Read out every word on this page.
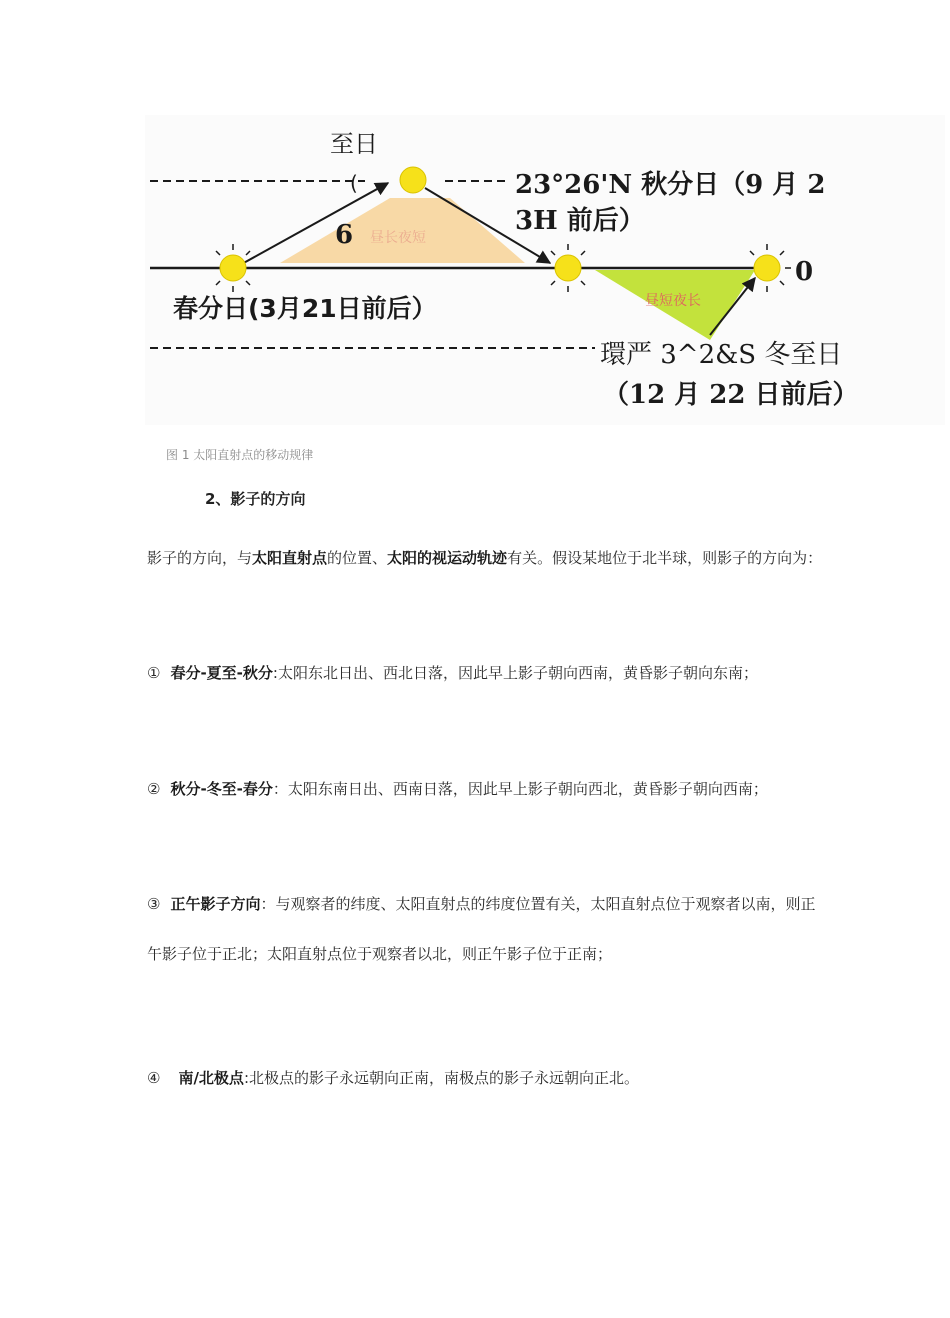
昼长夜短
昼短夜长
至日
(	23°26'N 秋分日（9 月 2
3H 前后）
6
春分日(3月21日前后）
0
環严 3^2&S 冬至日
（12 月 22 日前后）
图 1 太阳直射点的移动规律
2、影子的方向
影子的方向，与太阳直射点的位置、太阳的视运动轨迹有关。假设某地位于北半球，则影子的方向为：
① 春分-夏至-秋分:太阳东北日出、西北日落，因此早上影子朝向西南，黄昏影子朝向东南；
② 秋分-冬至-春分：太阳东南日出、西南日落，因此早上影子朝向西北，黄昏影子朝向西南；
③ 正午影子方向：与观察者的纬度、太阳直射点的纬度位置有关，太阳直射点位于观察者以南，则正午影子位于正北；太阳直射点位于观察者以北，则正午影子位于正南；
④ 南/北极点:北极点的影子永远朝向正南，南极点的影子永远朝向正北。
